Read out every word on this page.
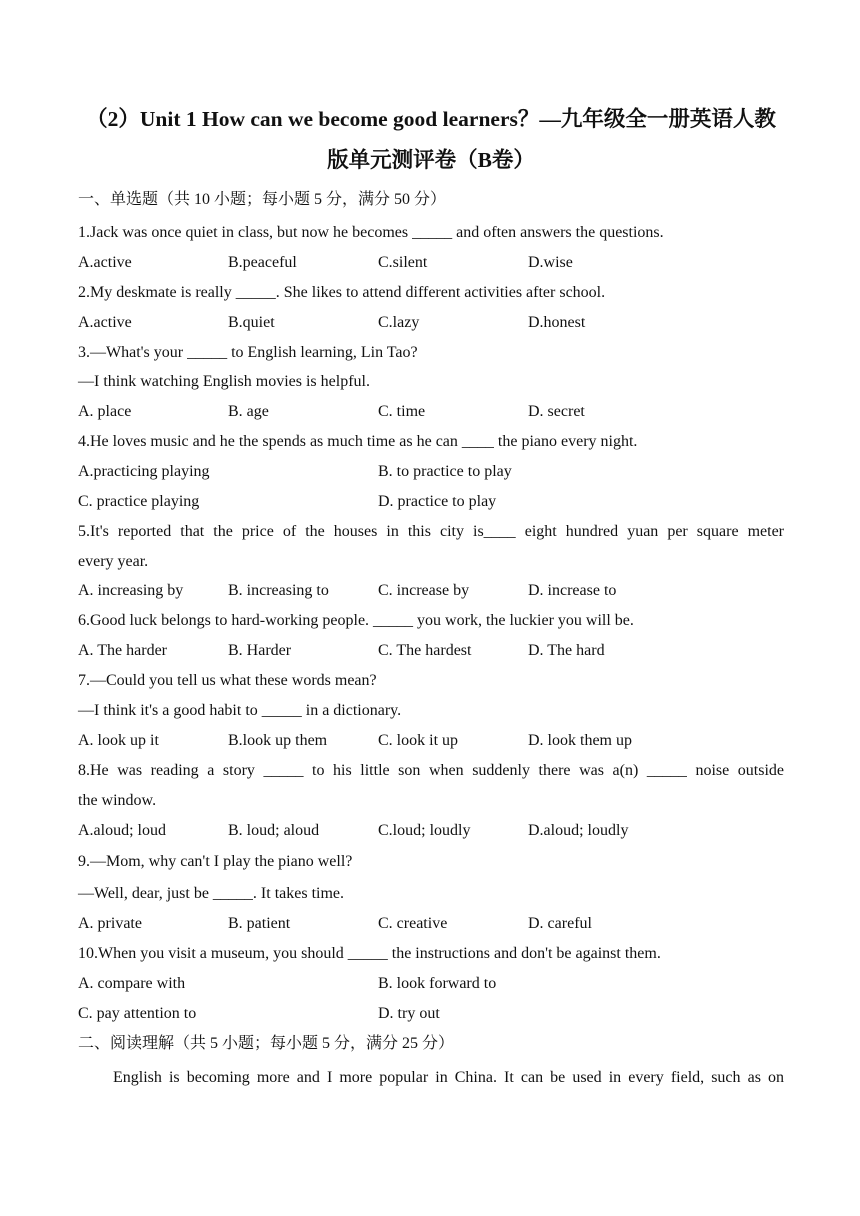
（2）Unit 1 How can we become good learners？—九年级全一册英语人教
版单元测评卷（B卷）
一、单选题（共 10 小题；每小题 5 分，满分 50 分）
1.Jack was once quiet in class, but now he becomes _____ and often answers the questions.
A.active	B.peaceful	C.silent	D.wise
2.My deskmate is really _____. She likes to attend different activities after school.
A.active	B.quiet	C.lazy	D.honest
3.—What's your _____ to English learning, Lin Tao?
—I think watching English movies is helpful.
A. place	B. age	C. time	D. secret
4.He loves music and he the spends as much time as he can ____ the piano every night.
A.practicing playing	B. to practice to play
C. practice playing	D. practice to play
5.It's reported that the price of the houses in this city is____ eight hundred yuan per square meter
every year.
A. increasing by	B. increasing to	C. increase by	D. increase to
6.Good luck belongs to hard-working people. _____ you work, the luckier you will be.
A. The harder	B. Harder	C. The hardest	D. The hard
7.—Could you tell us what these words mean?
—I think it's a good habit to _____ in a dictionary.
A. look up it	B.look up them	C. look it up	D. look them up
8.He was reading a story _____ to his little son when suddenly there was a(n) _____ noise outside
the window.
A.aloud; loud	B. loud; aloud	C.loud; loudly	D.aloud; loudly
9.—Mom, why can't I play the piano well?
—Well, dear, just be _____. It takes time.
A. private	B. patient	C. creative	D. careful
10.When you visit a museum, you should _____ the instructions and don't be against them.
A. compare with	B. look forward to
C. pay attention to	D. try out
二、阅读理解（共 5 小题；每小题 5 分，满分 25 分）
English is becoming more and I more popular in China. It can be used in every field, such as on
